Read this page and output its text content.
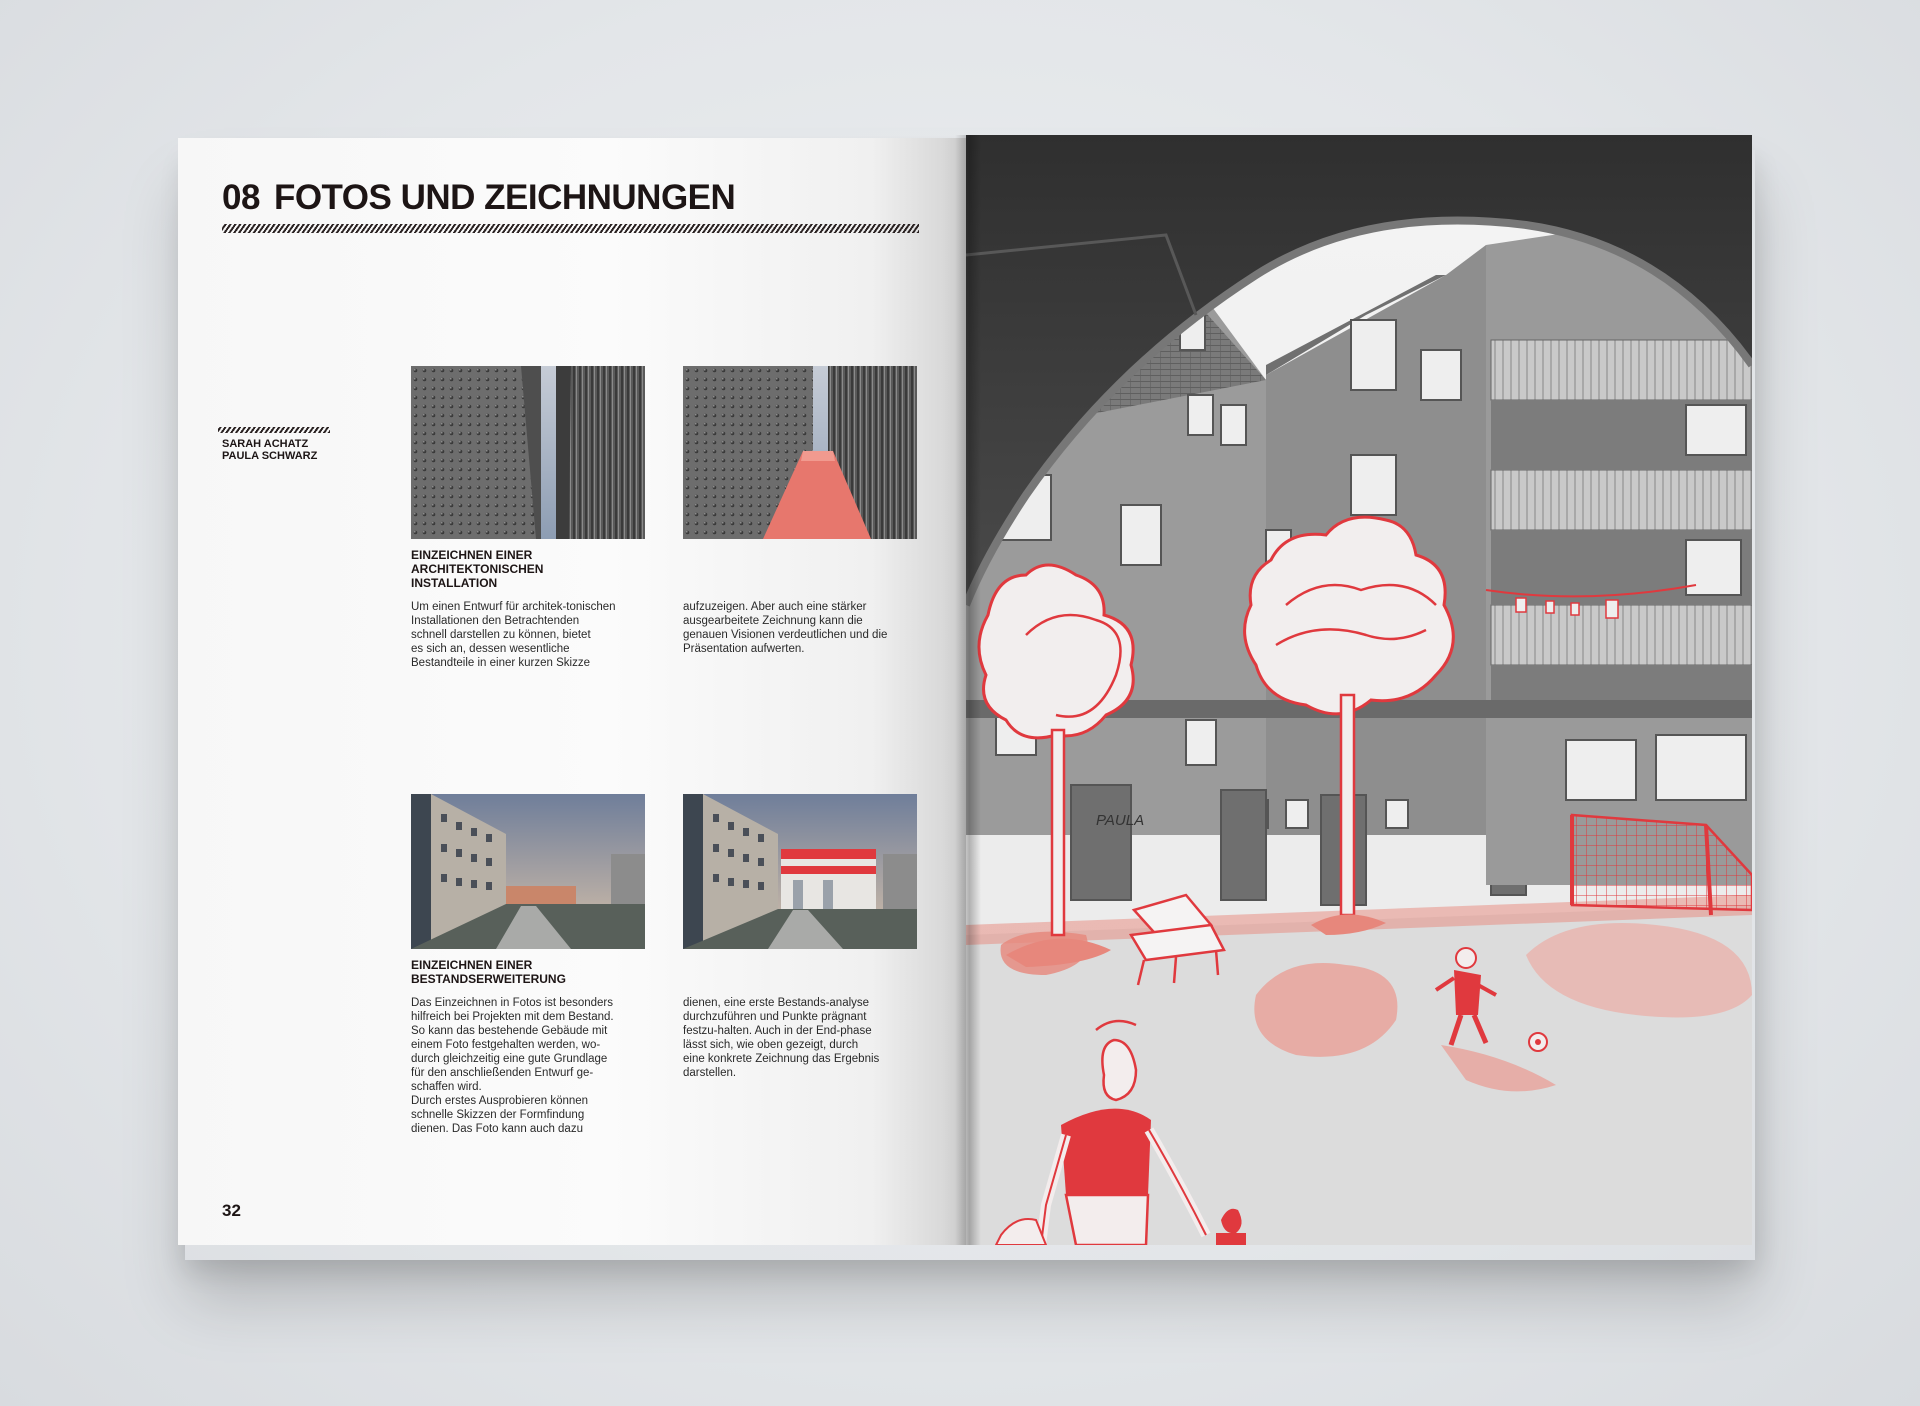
08 FOTOS UND ZEICHNUNGEN
SARAH ACHATZ
PAULA SCHWARZ
EINZEICHNEN EINER
ARCHITEKTONISCHEN
INSTALLATION
Um einen Entwurf für architek-tonischen
Installationen den Betrachtenden
schnell darstellen zu können, bietet
es sich an, dessen wesentliche
Bestandteile in einer kurzen Skizze
aufzuzeigen. Aber auch eine stärker
ausgearbeitete Zeichnung kann die
genauen Visionen verdeutlichen und die
Präsentation aufwerten.
EINZEICHNEN EINER
BESTANDSERWEITERUNG
Das Einzeichnen in Fotos ist besonders
hilfreich bei Projekten mit dem Bestand.
So kann das bestehende Gebäude mit
einem Foto festgehalten werden, wo-
durch gleichzeitig eine gute Grundlage
für den anschließenden Entwurf ge-
schaffen wird.
Durch erstes Ausprobieren können
schnelle Skizzen der Formfindung
dienen. Das Foto kann auch dazu
dienen, eine erste Bestands-analyse
durchzuführen und Punkte prägnant
festzu-halten. Auch in der End-phase
lässt sich, wie oben gezeigt, durch
eine konkrete Zeichnung das Ergebnis
darstellen.
32
PAULA
